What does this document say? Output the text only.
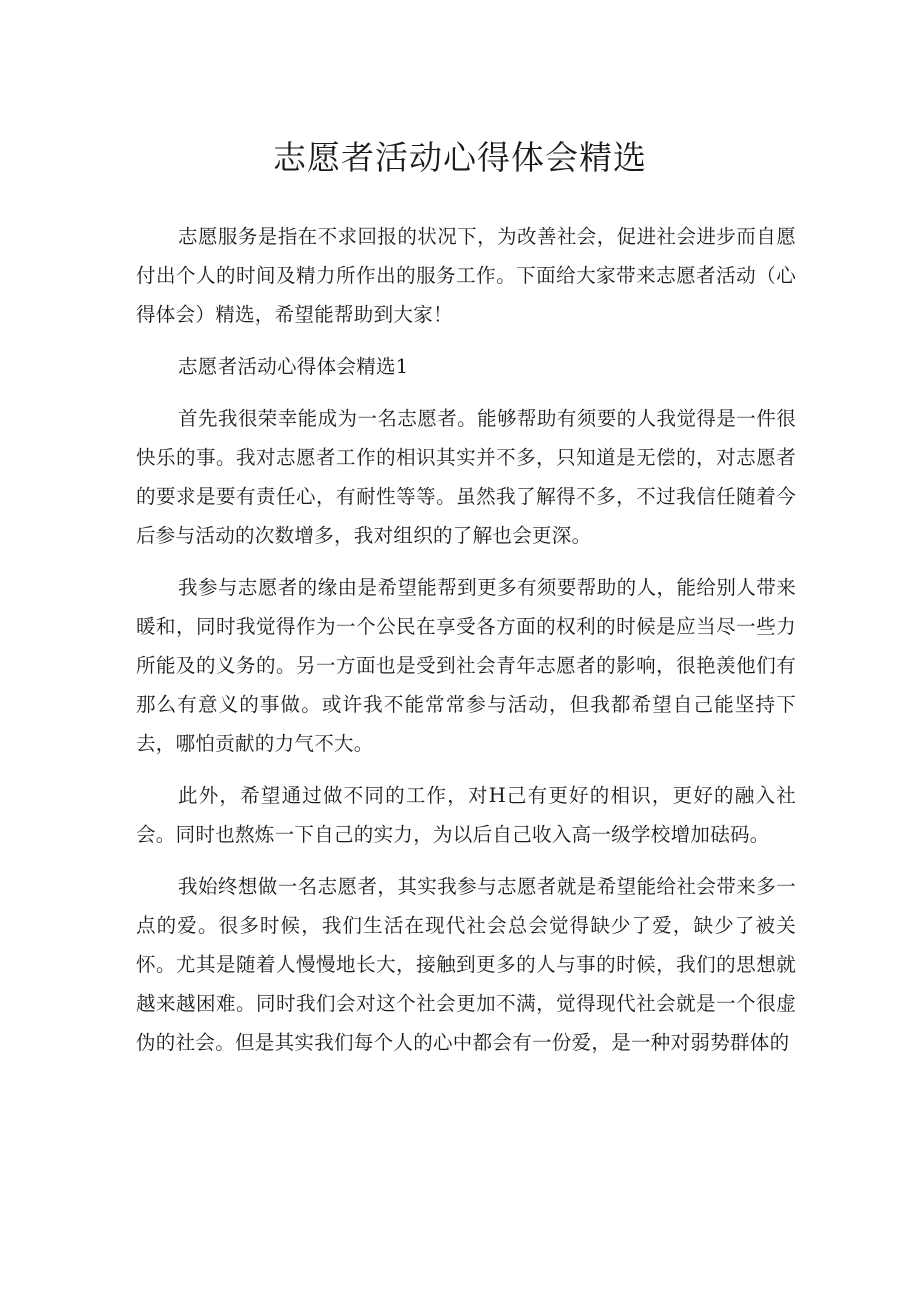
志愿者活动心得体会精选

志愿服务是指在不求回报的状况下，为改善社会，促进社会进步而自愿付出个人的时间及精力所作出的服务工作。下面给大家带来志愿者活动（心得体会）精选，希望能帮助到大家！

志愿者活动心得体会精选1

首先我很荣幸能成为一名志愿者。能够帮助有须要的人我觉得是一件很快乐的事。我对志愿者工作的相识其实并不多，只知道是无偿的，对志愿者的要求是要有责任心，有耐性等等。虽然我了解得不多，不过我信任随着今后参与活动的次数增多，我对组织的了解也会更深。

我参与志愿者的缘由是希望能帮到更多有须要帮助的人，能给别人带来暖和，同时我觉得作为一个公民在享受各方面的权利的时候是应当尽一些力所能及的义务的。另一方面也是受到社会青年志愿者的影响，很艳羡他们有那么有意义的事做。或许我不能常常参与活动，但我都希望自己能坚持下去，哪怕贡献的力气不大。

此外，希望通过做不同的工作，对H己有更好的相识，更好的融入社会。同时也熬炼一下自己的实力，为以后自己收入高一级学校增加砝码。

我始终想做一名志愿者，其实我参与志愿者就是希望能给社会带来多一点的爱。很多时候，我们生活在现代社会总会觉得缺少了爱，缺少了被关怀。尤其是随着人慢慢地长大，接触到更多的人与事的时候，我们的思想就越来越困难。同时我们会对这个社会更加不满，觉得现代社会就是一个很虚伪的社会。但是其实我们每个人的心中都会有一份爱，是一种对弱势群体的
